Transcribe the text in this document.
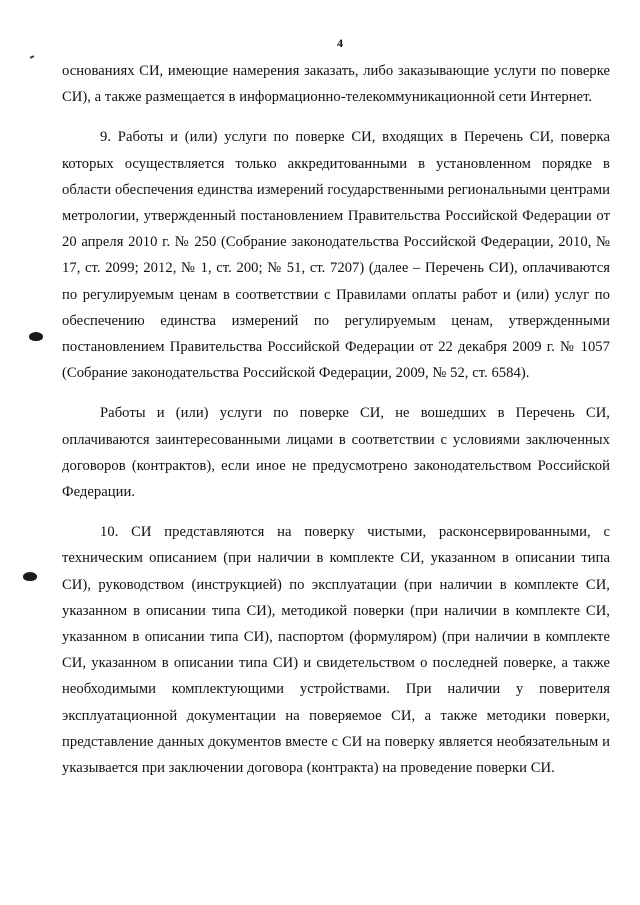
4

основаниях СИ, имеющие намерения заказать, либо заказывающие услуги по поверке СИ), а также размещается в информационно-телекоммуникационной сети Интернет.

9. Работы и (или) услуги по поверке СИ, входящих в Перечень СИ, поверка которых осуществляется только аккредитованными в установленном порядке в области обеспечения единства измерений государственными региональными центрами метрологии, утвержденный постановлением Правительства Российской Федерации от 20 апреля 2010 г. № 250 (Собрание законодательства Российской Федерации, 2010, № 17, ст. 2099; 2012, № 1, ст. 200; № 51, ст. 7207) (далее – Перечень СИ), оплачиваются по регулируемым ценам в соответствии с Правилами оплаты работ и (или) услуг по обеспечению единства измерений по регулируемым ценам, утвержденными постановлением Правительства Российской Федерации от 22 декабря 2009 г. № 1057 (Собрание законодательства Российской Федерации, 2009, № 52, ст. 6584).

Работы и (или) услуги по поверке СИ, не вошедших в Перечень СИ, оплачиваются заинтересованными лицами в соответствии с условиями заключенных договоров (контрактов), если иное не предусмотрено законодательством Российской Федерации.

10. СИ представляются на поверку чистыми, расконсервированными, с техническим описанием (при наличии в комплекте СИ, указанном в описании типа СИ), руководством (инструкцией) по эксплуатации (при наличии в комплекте СИ, указанном в описании типа СИ), методикой поверки (при наличии в комплекте СИ, указанном в описании типа СИ), паспортом (формуляром) (при наличии в комплекте СИ, указанном в описании типа СИ) и свидетельством о последней поверке, а также необходимыми комплектующими устройствами. При наличии у поверителя эксплуатационной документации на поверяемое СИ, а также методики поверки, представление данных документов вместе с СИ на поверку является необязательным и указывается при заключении договора (контракта) на проведение поверки СИ.
